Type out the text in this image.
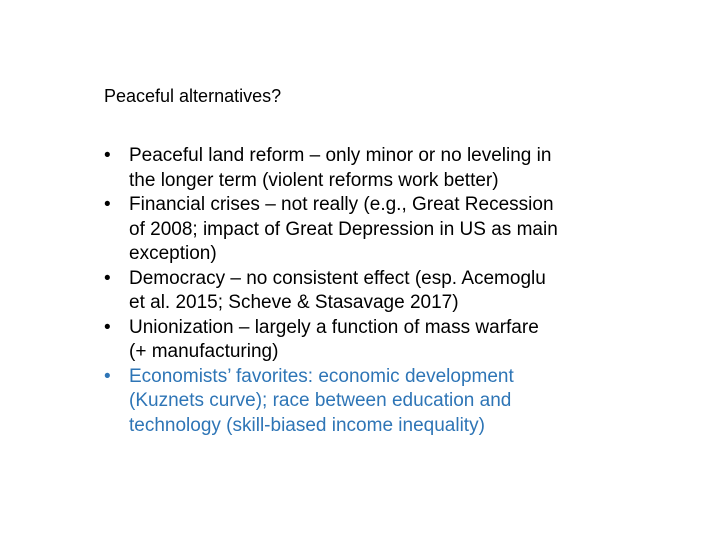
Peaceful alternatives?
• Peaceful land reform – only minor or no leveling in
the longer term (violent reforms work better)
• Financial crises – not really (e.g., Great Recession
of 2008; impact of Great Depression in US as main
exception)
• Democracy – no consistent effect (esp. Acemoglu
et al. 2015; Scheve & Stasavage 2017)
• Unionization – largely a function of mass warfare
(+ manufacturing)
• Economists’ favorites: economic development
(Kuznets curve); race between education and
technology (skill-biased income inequality)
